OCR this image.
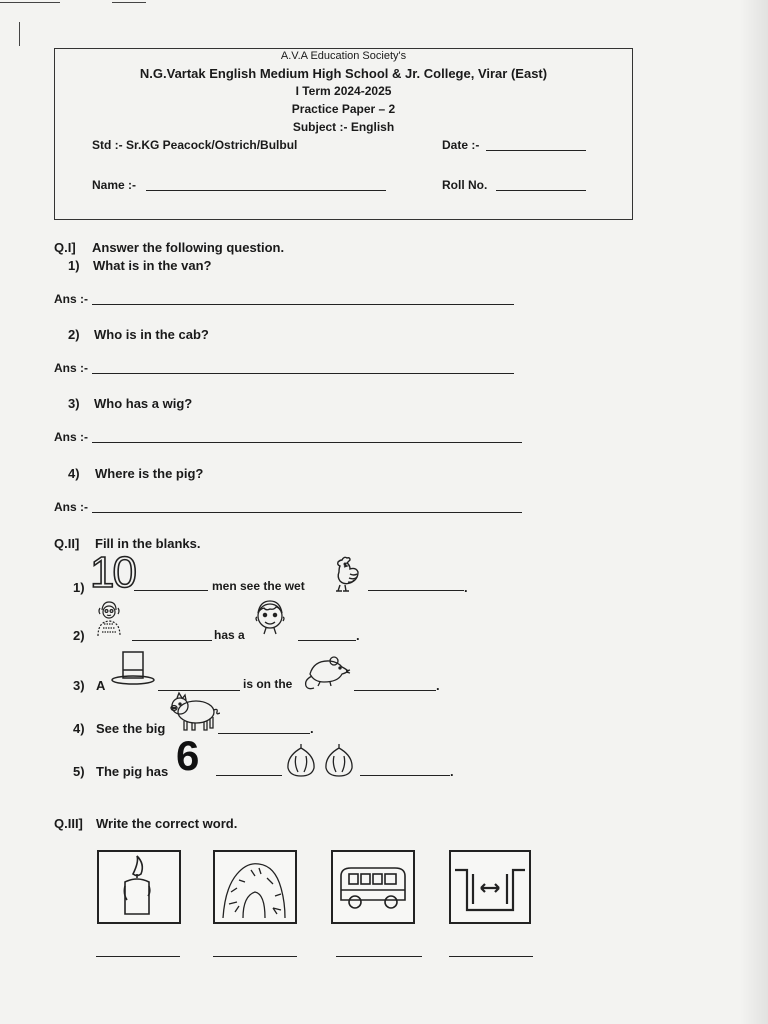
A.V.A Education Society's
N.G.Vartak English Medium High School & Jr. College, Virar (East)
I Term 2024-2025
Practice Paper – 2
Subject :- English
Std :- Sr.KG Peacock/Ostrich/Bulbul	Date :-
Name :-	Roll No.
Q.I] Answer the following question.
1) What is in the van?
Ans :-
2) Who is in the cab?
Ans :-
3) Who has a wig?
Ans :-
4) Where is the pig?
Ans :-
Q.II] Fill in the blanks.
1) 10	men see the wet	.
2)	has a	.
3) A	is on the	.
4) See the big	.
5) The pig has 6	.
Q.III] Write the correct word.
